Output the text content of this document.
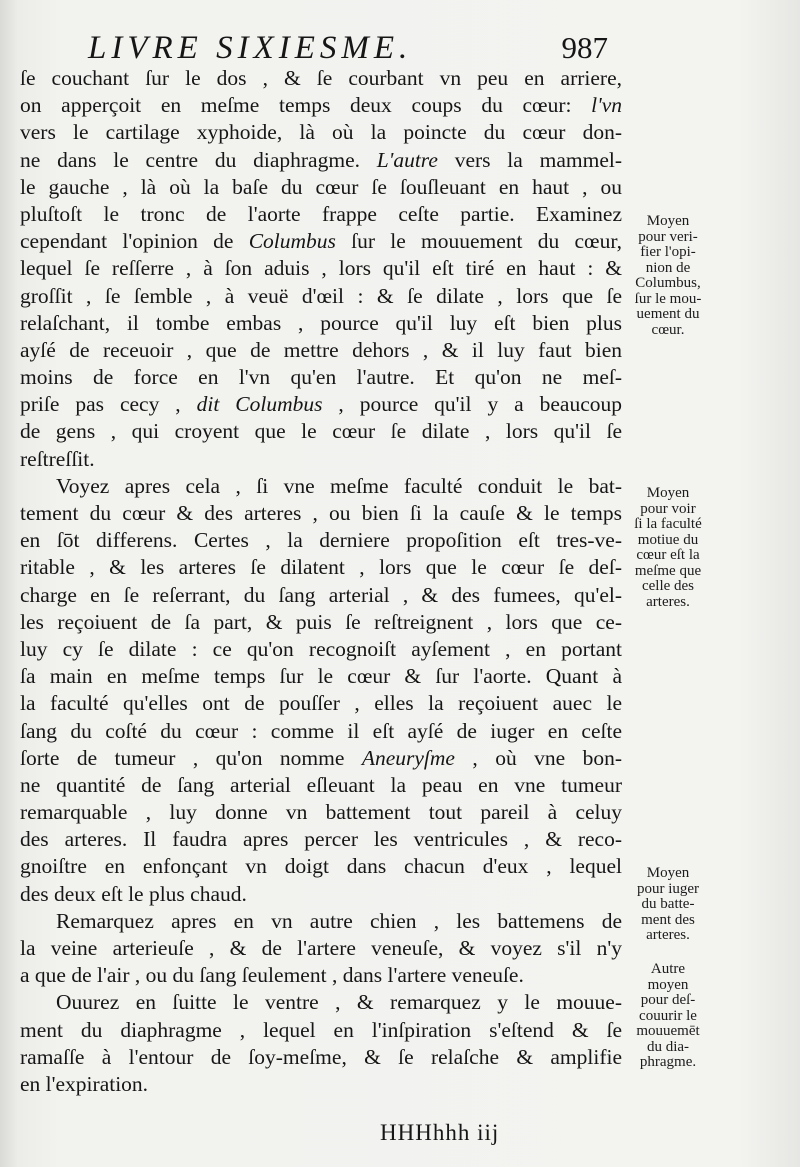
LIVRE SIXIESME.	987
ſe couchant ſur le dos , & ſe courbant vn peu en arriere,
on apperçoit en meſme temps deux coups du cœur: l'vn
vers le cartilage xyphoide, là où la poincte du cœur don-
ne dans le centre du diaphragme. L'autre vers la mammel-
le gauche , là où la baſe du cœur ſe ſouſleuant en haut , ou
pluſtoſt le tronc de l'aorte frappe ceſte partie. Examinez
cependant l'opinion de Columbus ſur le mouuement du cœur,
lequel ſe reſſerre , à ſon aduis , lors qu'il eſt tiré en haut : &
groſſit , ſe ſemble , à veuë d'œil : & ſe dilate , lors que ſe
relaſchant, il tombe embas , pource qu'il luy eſt bien plus
ayſé de receuoir , que de mettre dehors , & il luy faut bien
moins de force en l'vn qu'en l'autre. Et qu'on ne meſ-
priſe pas cecy , dit Columbus , pource qu'il y a beaucoup
de gens , qui croyent que le cœur ſe dilate , lors qu'il ſe
reſtreſſit.
Voyez apres cela , ſi vne meſme faculté conduit le bat-
tement du cœur & des arteres , ou bien ſi la cauſe & le temps
en ſōt differens. Certes , la derniere propoſition eſt tres-ve-
ritable , & les arteres ſe dilatent , lors que le cœur ſe deſ-
charge en ſe reſerrant, du ſang arterial , & des fumees, qu'el-
les reçoiuent de ſa part, & puis ſe reſtreignent , lors que ce-
luy cy ſe dilate : ce qu'on recognoiſt ayſement , en portant
ſa main en meſme temps ſur le cœur & ſur l'aorte. Quant à
la faculté qu'elles ont de pouſſer , elles la reçoiuent auec le
ſang du coſté du cœur : comme il eſt ayſé de iuger en ceſte
ſorte de tumeur , qu'on nomme Aneuryſme , où vne bon-
ne quantité de ſang arterial eſleuant la peau en vne tumeur
remarquable , luy donne vn battement tout pareil à celuy
des arteres. Il faudra apres percer les ventricules , & reco-
gnoiſtre en enfonçant vn doigt dans chacun d'eux , lequel
des deux eſt le plus chaud.
Remarquez apres en vn autre chien , les battemens de
la veine arterieuſe , & de l'artere veneuſe, & voyez s'il n'y
a que de l'air , ou du ſang ſeulement , dans l'artere veneuſe.
Ouurez en ſuitte le ventre , & remarquez y le mouue-
ment du diaphragme , lequel en l'inſpiration s'eſtend & ſe
ramaſſe à l'entour de ſoy-meſme, & ſe relaſche & amplifie
en l'expiration.
Moyen
pour veri-
fier l'opi-
nion de
Columbus,
ſur le mou-
uement du
cœur.
Moyen
pour voir
ſi la faculté
motiue du
cœur eſt la
meſme que
celle des
arteres.
Moyen
pour iuger
du batte-
ment des
arteres.
Autre
moyen
pour deſ-
couurir le
mouuemēt
du dia-
phragme.
HHHhhh iij
